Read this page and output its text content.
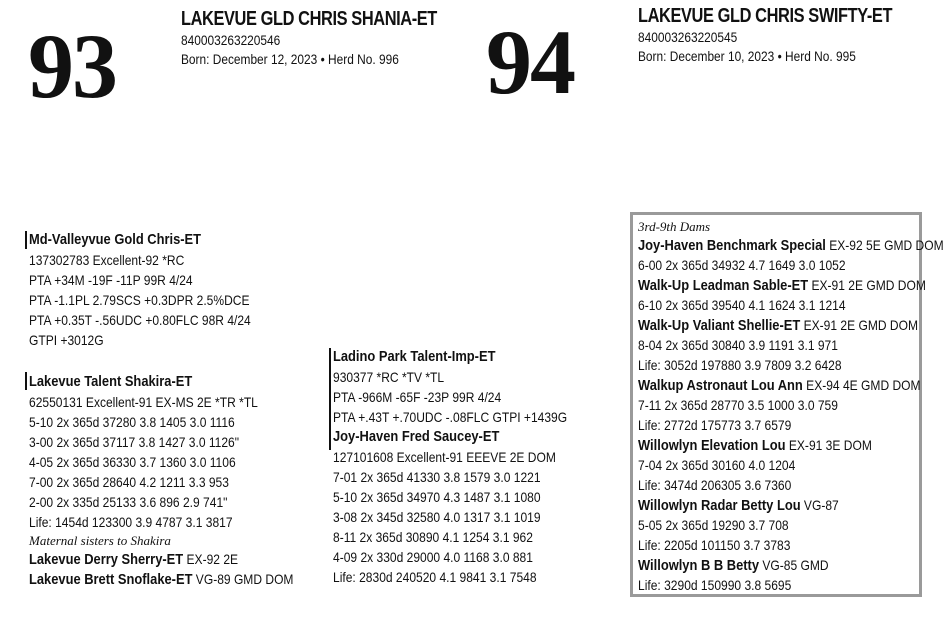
93	LAKEVUE GLD CHRIS SHANIA-ET
840003263220546
Born: December 12, 2023 • Herd No. 996 94	LAKEVUE GLD CHRIS SWIFTY-ET
840003263220545
Born: December 10, 2023 • Herd No. 995
Md-Valleyvue Gold Chris-ET
137302783 Excellent-92 *RC
PTA +34M -19F -11P 99R 4/24
PTA -1.1PL 2.79SCS +0.3DPR 2.5%DCE
PTA +0.35T -.56UDC +0.80FLC 98R 4/24
GTPI +3012G
Lakevue Talent Shakira-ET
62550131 Excellent-91 EX-MS 2E *TR *TL
5-10 2x 365d 37280 3.8 1405 3.0 1116
3-00 2x 365d 37117 3.8 1427 3.0 1126"
4-05 2x 365d 36330 3.7 1360 3.0 1106
7-00 2x 365d 28640 4.2 1211 3.3 953
2-00 2x 335d 25133 3.6 896 2.9 741"
Life: 1454d 123300 3.9 4787 3.1 3817
Maternal sisters to Shakira
Lakevue Derry Sherry-ET EX-92 2E
Lakevue Brett Snoflake-ET VG-89 GMD DOM
Ladino Park Talent-Imp-ET
930377 *RC *TV *TL
PTA -966M -65F -23P 99R 4/24
PTA +.43T +.70UDC -.08FLC GTPI +1439G
Joy-Haven Fred Saucey-ET
127101608 Excellent-91 EEEVE 2E DOM
7-01 2x 365d 41330 3.8 1579 3.0 1221
5-10 2x 365d 34970 4.3 1487 3.1 1080
3-08 2x 345d 32580 4.0 1317 3.1 1019
8-11 2x 365d 30890 4.1 1254 3.1 962
4-09 2x 330d 29000 4.0 1168 3.0 881
Life: 2830d 240520 4.1 9841 3.1 7548
3rd-9th Dams
Joy-Haven Benchmark Special EX-92 5E GMD DOM
6-00 2x 365d 34932 4.7 1649 3.0 1052
Walk-Up Leadman Sable-ET EX-91 2E GMD DOM
6-10 2x 365d 39540 4.1 1624 3.1 1214
Walk-Up Valiant Shellie-ET EX-91 2E GMD DOM
8-04 2x 365d 30840 3.9 1191 3.1 971
Life: 3052d 197880 3.9 7809 3.2 6428
Walkup Astronaut Lou Ann EX-94 4E GMD DOM
7-11 2x 365d 28770 3.5 1000 3.0 759
Life: 2772d 175773 3.7 6579
Willowlyn Elevation Lou EX-91 3E DOM
7-04 2x 365d 30160 4.0 1204
Life: 3474d 206305 3.6 7360
Willowlyn Radar Betty Lou VG-87
5-05 2x 365d 19290 3.7 708
Life: 2205d 101150 3.7 3783
Willowlyn B B Betty VG-85 GMD
Life: 3290d 150990 3.8 5695
